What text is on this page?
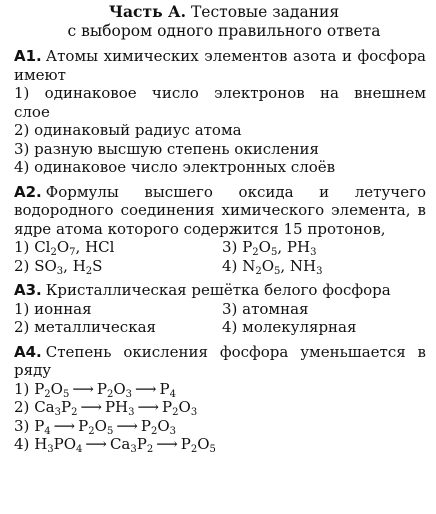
Часть А. Тестовые задания
с выбором одного правильного ответа
А1. Атомы химических элементов азота и фосфора имеют
1) одинаковое число электронов на внешнем
слое
2) одинаковый радиус атома
3) разную высшую степень окисления
4) одинаковое число электронных слоёв
А2. Формулы высшего оксида и летучего водородного соединения химического элемента, в ядре атома которого содержится 15 протонов,
1) $Cl_2O_7$, HCl	3) $P_2O_5$, $PH_3$
2) $SO_3$, $H_2S$	4) $N_2O_5$, $NH_3$
А3. Кристаллическая решётка белого фосфора
1) ионная	3) атомная
2) металлическая	4) молекулярная
А4. Степень окисления фосфора уменьшается в ряду
1) $P_2O_5$ ⟶ $P_2O_3$ ⟶ $P_4$
2) $Ca_3P_2$ ⟶ $PH_3$ ⟶ $P_2O_3$
3) $P_4$ ⟶ $P_2O_5$ ⟶ $P_2O_3$
4) $H_3PO_4$ ⟶ $Ca_3P_2$ ⟶ $P_2O_5$
